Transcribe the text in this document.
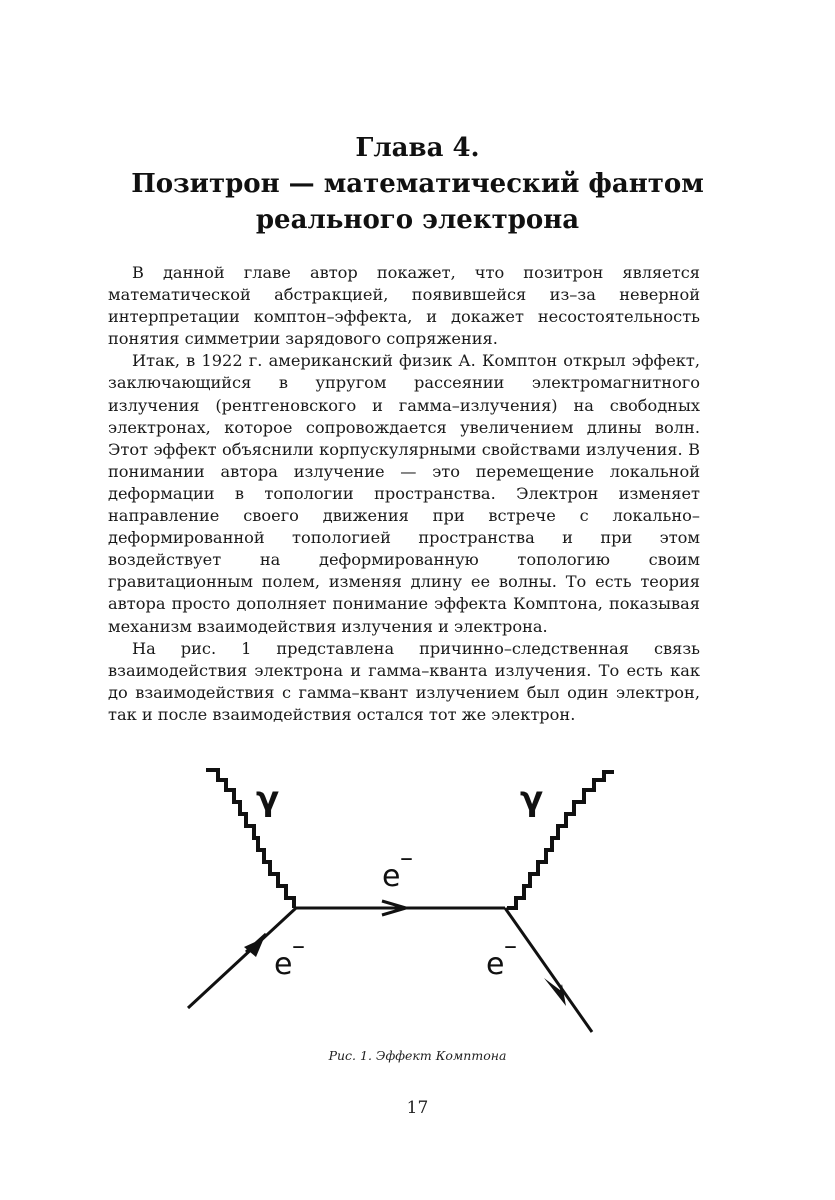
Глава 4.
Позитрон — математический фантом
реального электрона

В данной главе автор покажет, что позитрон является математической абстракцией, появившейся из–за неверной интерпретации комптон–эффекта, и докажет несостоятельность понятия симметрии зарядового сопряжения.

Итак, в 1922 г. американский физик А. Комптон открыл эффект, заключающийся в упругом рассеянии электромагнитного излучения (рентгеновского и гамма–излучения) на свободных электронах, которое сопровождается увеличением длины волн. Этот эффект объяснили корпускулярными свойствами излучения. В понимании автора излучение — это перемещение локальной деформации в топологии пространства. Электрон изменяет направление своего движения при встрече с локально–деформированной топологией пространства и при этом воздействует на деформированную топологию своим гравитационным полем, изменяя длину ее волны. То есть теория автора просто дополняет понимание эффекта Комптона, показывая механизм взаимодействия излучения и электрона.

На рис. 1 представлена причинно–следственная связь взаимодействия электрона и гамма–кванта излучения. То есть как до взаимодействия с гамма–квант излучением был один электрон, так и после взаимодействия остался тот же электрон.

γ	γ
e
–
e
–
e
–
Рис. 1. Эффект Комптона
17
